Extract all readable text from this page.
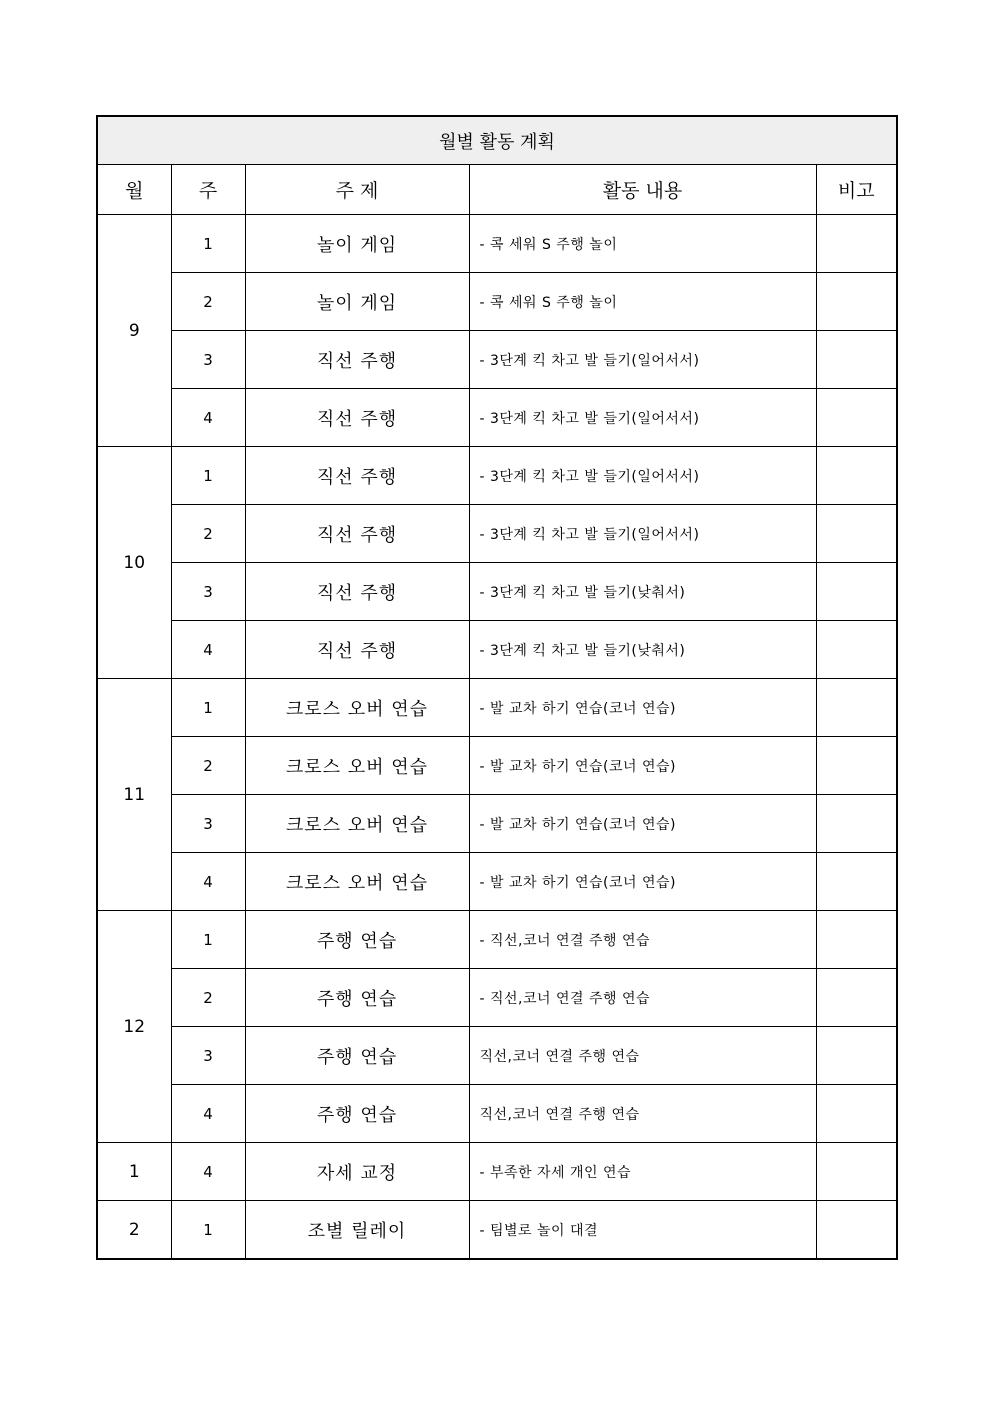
월별 활동 계획				
월	주	주 제	활동 내용	비고
9	1	놀이 게임	- 콕 세워 S 주행 놀이	
	2	놀이 게임	- 콕 세워 S 주행 놀이	
	3	직선 주행	- 3단계 킥 차고 발 들기(일어서서)	
	4	직선 주행	- 3단계 킥 차고 발 들기(일어서서)	
10	1	직선 주행	- 3단계 킥 차고 발 들기(일어서서)	
	2	직선 주행	- 3단계 킥 차고 발 들기(일어서서)	
	3	직선 주행	- 3단계 킥 차고 발 들기(낮춰서)	
	4	직선 주행	- 3단계 킥 차고 발 들기(낮춰서)	
11	1	크로스 오버 연습	- 발 교차 하기 연습(코너 연습)	
	2	크로스 오버 연습	- 발 교차 하기 연습(코너 연습)	
	3	크로스 오버 연습	- 발 교차 하기 연습(코너 연습)	
	4	크로스 오버 연습	- 발 교차 하기 연습(코너 연습)	
12	1	주행 연습	- 직선,코너 연결 주행 연습	
	2	주행 연습	- 직선,코너 연결 주행 연습	
	3	주행 연습	직선,코너 연결 주행 연습	
	4	주행 연습	직선,코너 연결 주행 연습	
1	4	자세 교정	- 부족한 자세 개인 연습	
2	1	조별 릴레이	- 팀별로 놀이 대결	
